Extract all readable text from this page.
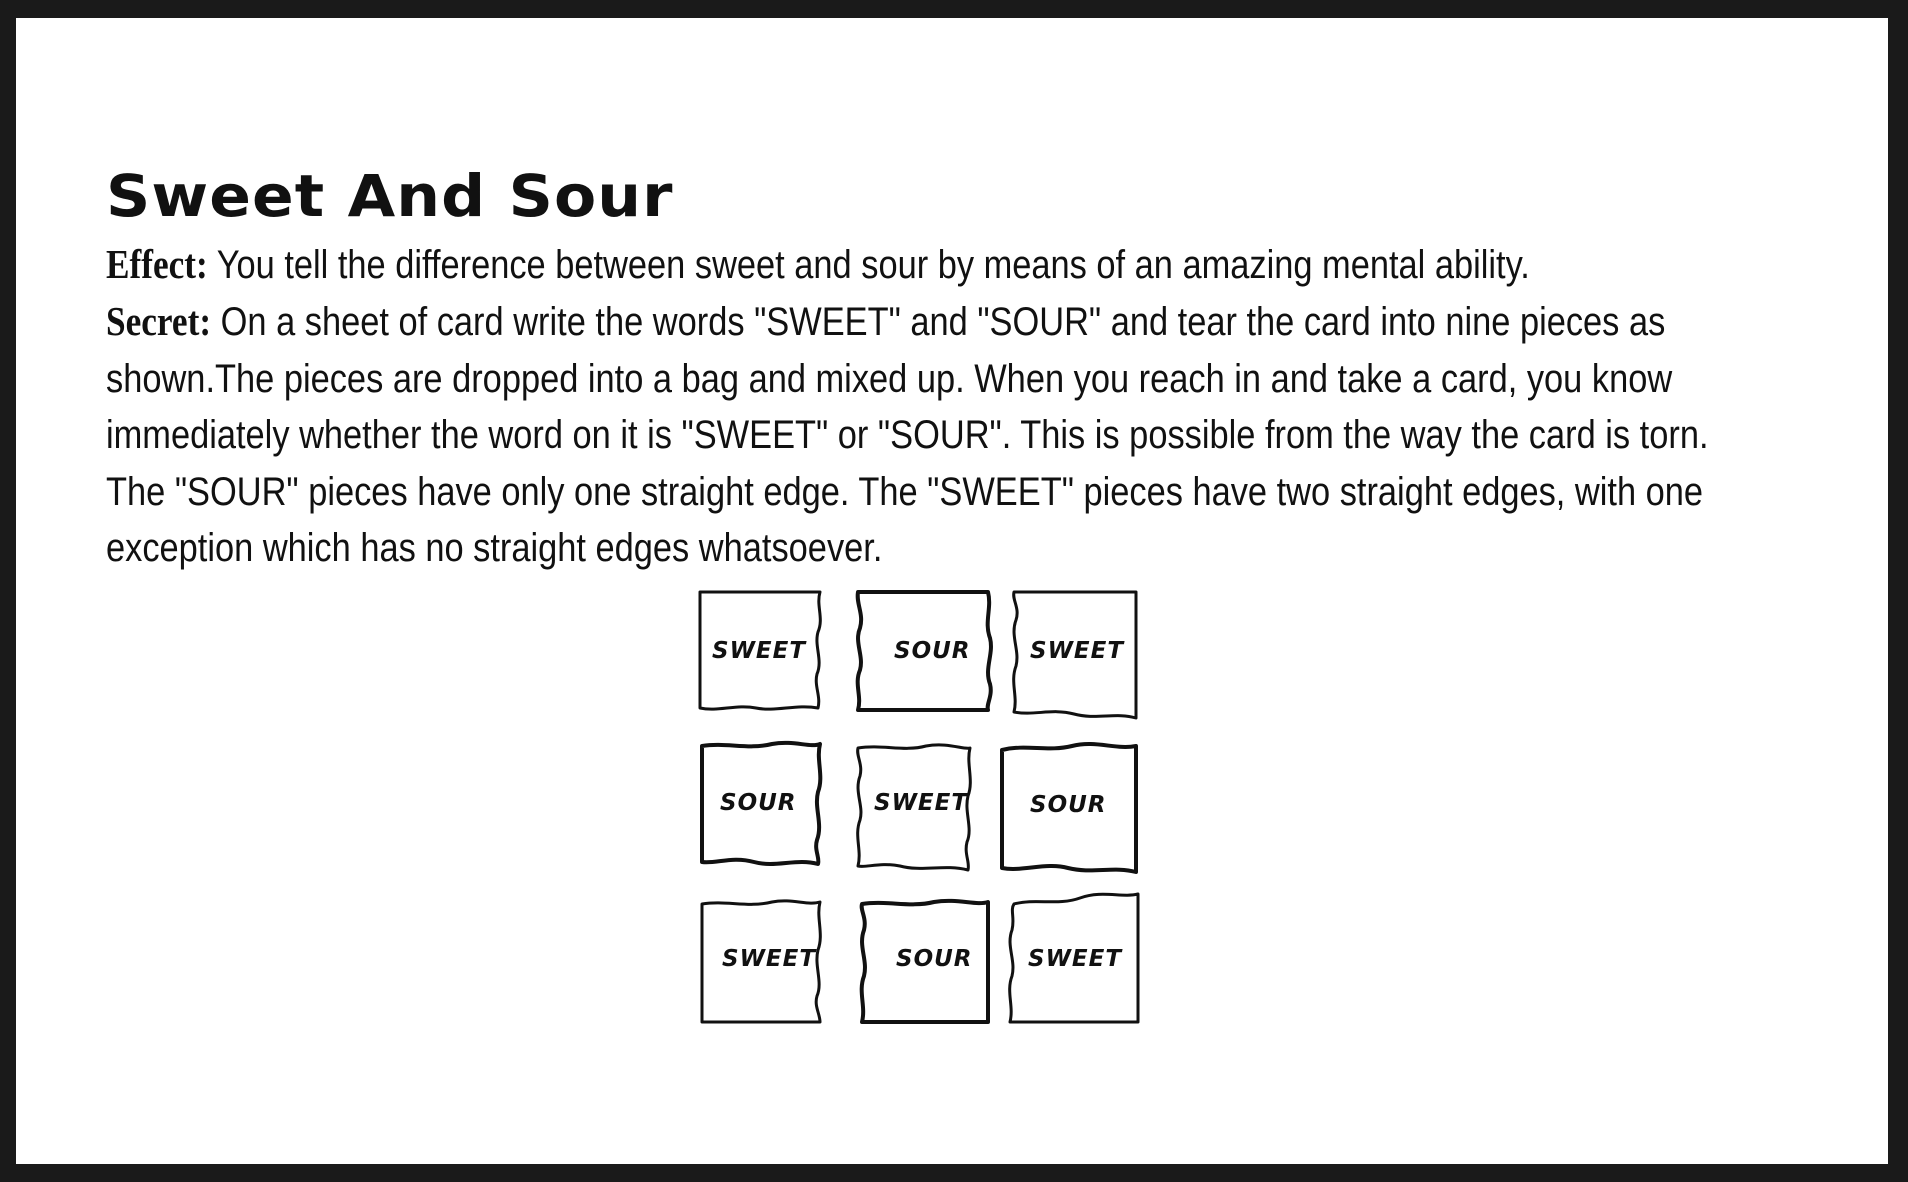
Sweet And Sour

Effect: You tell the difference between sweet and sour by means of an amazing mental ability.

Secret: On a sheet of card write the words "SWEET" and "SOUR" and tear the card into nine pieces as

shown.The pieces are dropped into a bag and mixed up. When you reach in and take a card, you know

immediately whether the word on it is "SWEET" or "SOUR". This is possible from the way the card is torn.

The "SOUR" pieces have only one straight edge. The "SWEET" pieces have two straight edges, with one

exception which has no straight edges whatsoever.

SWEET	SOUR	SWEET
SOUR	SWEET	SOUR
SWEET	SOUR SWEET
